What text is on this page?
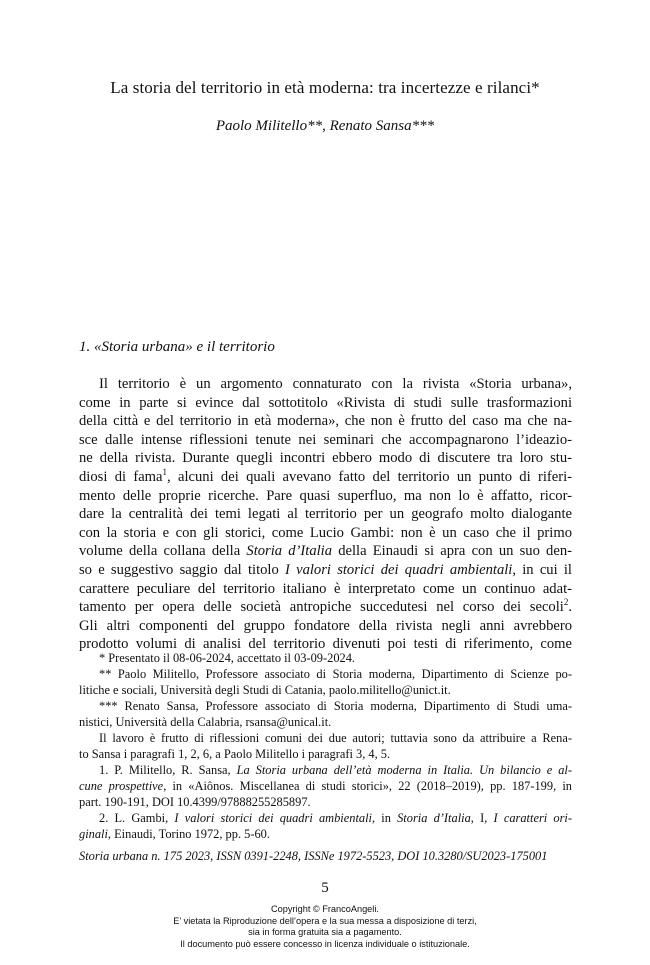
La storia del territorio in età moderna: tra incertezze e rilanci*
Paolo Militello**, Renato Sansa***
1. «Storia urbana» e il territorio
Il territorio è un argomento connaturato con la rivista «Storia urbana»,
come in parte si evince dal sottotitolo «Rivista di studi sulle trasformazioni
della città e del territorio in età moderna», che non è frutto del caso ma che na-
sce dalle intense riflessioni tenute nei seminari che accompagnarono l’ideazio-
ne della rivista. Durante quegli incontri ebbero modo di discutere tra loro stu-
diosi di fama$^1$, alcuni dei quali avevano fatto del territorio un punto di riferi-
mento delle proprie ricerche. Pare quasi superfluo, ma non lo è affatto, ricor-
dare la centralità dei temi legati al territorio per un geografo molto dialogante
con la storia e con gli storici, come Lucio Gambi: non è un caso che il primo
volume della collana della Storia d’Italia della Einaudi si apra con un suo den-
so e suggestivo saggio dal titolo I valori storici dei quadri ambientali, in cui il
carattere peculiare del territorio italiano è interpretato come un continuo adat-
tamento per opera delle società antropiche succedutesi nel corso dei secoli$^2$.
Gli altri componenti del gruppo fondatore della rivista negli anni avrebbero
prodotto volumi di analisi del territorio divenuti poi testi di riferimento, come
* Presentato il 08-06-2024, accettato il 03-09-2024.
** Paolo Militello, Professore associato di Storia moderna, Dipartimento di Scienze po-
litiche e sociali, Università degli Studi di Catania, paolo.militello@unict.it.
*** Renato Sansa, Professore associato di Storia moderna, Dipartimento di Studi uma-
nistici, Università della Calabria, rsansa@unical.it.
Il lavoro è frutto di riflessioni comuni dei due autori; tuttavia sono da attribuire a Rena-
to Sansa i paragrafi 1, 2, 6, a Paolo Militello i paragrafi 3, 4, 5.
1. P. Militello, R. Sansa, La Storia urbana dell’età moderna in Italia. Un bilancio e al-
cune prospettive, in «Aiônos. Miscellanea di studi storici», 22 (2018–2019), pp. 187-199, in
part. 190-191, DOI 10.4399/97888255285897.
2. L. Gambi, I valori storici dei quadri ambientali, in Storia d’Italia, I, I caratteri ori-
ginali, Einaudi, Torino 1972, pp. 5-60.
Storia urbana n. 175 2023, ISSN 0391-2248, ISSNe 1972-5523, DOI 10.3280/SU2023-175001
5
Copyright © FrancoAngeli.
E’ vietata la Riproduzione dell’opera e la sua messa a disposizione di terzi,
sia in forma gratuita sia a pagamento.
Il documento può essere concesso in licenza individuale o istituzionale.
